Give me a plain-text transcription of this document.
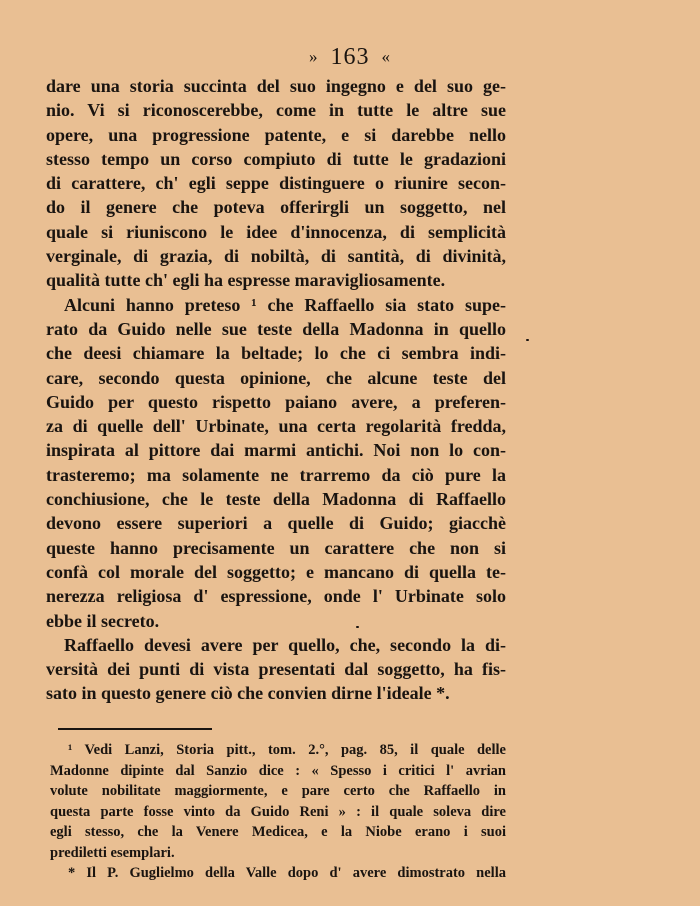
» 163 «
dare una storia succinta del suo ingegno e del suo ge-
nio. Vi si riconoscerebbe, come in tutte le altre sue
opere, una progressione patente, e si darebbe nello
stesso tempo un corso compiuto di tutte le gradazioni
di carattere, ch' egli seppe distinguere o riunire secon-
do il genere che poteva offerirgli un soggetto, nel
quale si riuniscono le idee d'innocenza, di semplicità
verginale, di grazia, di nobiltà, di santità, di divinità,
qualità tutte ch' egli ha espresse maravigliosamente.
Alcuni hanno preteso ¹ che Raffaello sia stato supe-
rato da Guido nelle sue teste della Madonna in quello
che deesi chiamare la beltade; lo che ci sembra indi-
care, secondo questa opinione, che alcune teste del
Guido per questo rispetto paiano avere, a preferen-
za di quelle dell' Urbinate, una certa regolarità fredda,
inspirata al pittore dai marmi antichi. Noi non lo con-
trasteremo; ma solamente ne trarremo da ciò pure la
conchiusione, che le teste della Madonna di Raffaello
devono essere superiori a quelle di Guido; giacchè
queste hanno precisamente un carattere che non si
confà col morale del soggetto; e mancano di quella te-
nerezza religiosa d' espressione, onde l' Urbinate solo
ebbe il secreto.
Raffaello devesi avere per quello, che, secondo la di-
versità dei punti di vista presentati dal soggetto, ha fis-
sato in questo genere ciò che convien dirne l'ideale *.
¹ Vedi Lanzi, Storia pitt., tom. 2.°, pag. 85, il quale delle
Madonne dipinte dal Sanzio dice : « Spesso i critici l' avrian
volute nobilitate maggiormente, e pare certo che Raffaello in
questa parte fosse vinto da Guido Reni » : il quale soleva dire
egli stesso, che la Venere Medicea, e la Niobe erano i suoi
prediletti esemplari.
* Il P. Guglielmo della Valle dopo d' avere dimostrato nella
